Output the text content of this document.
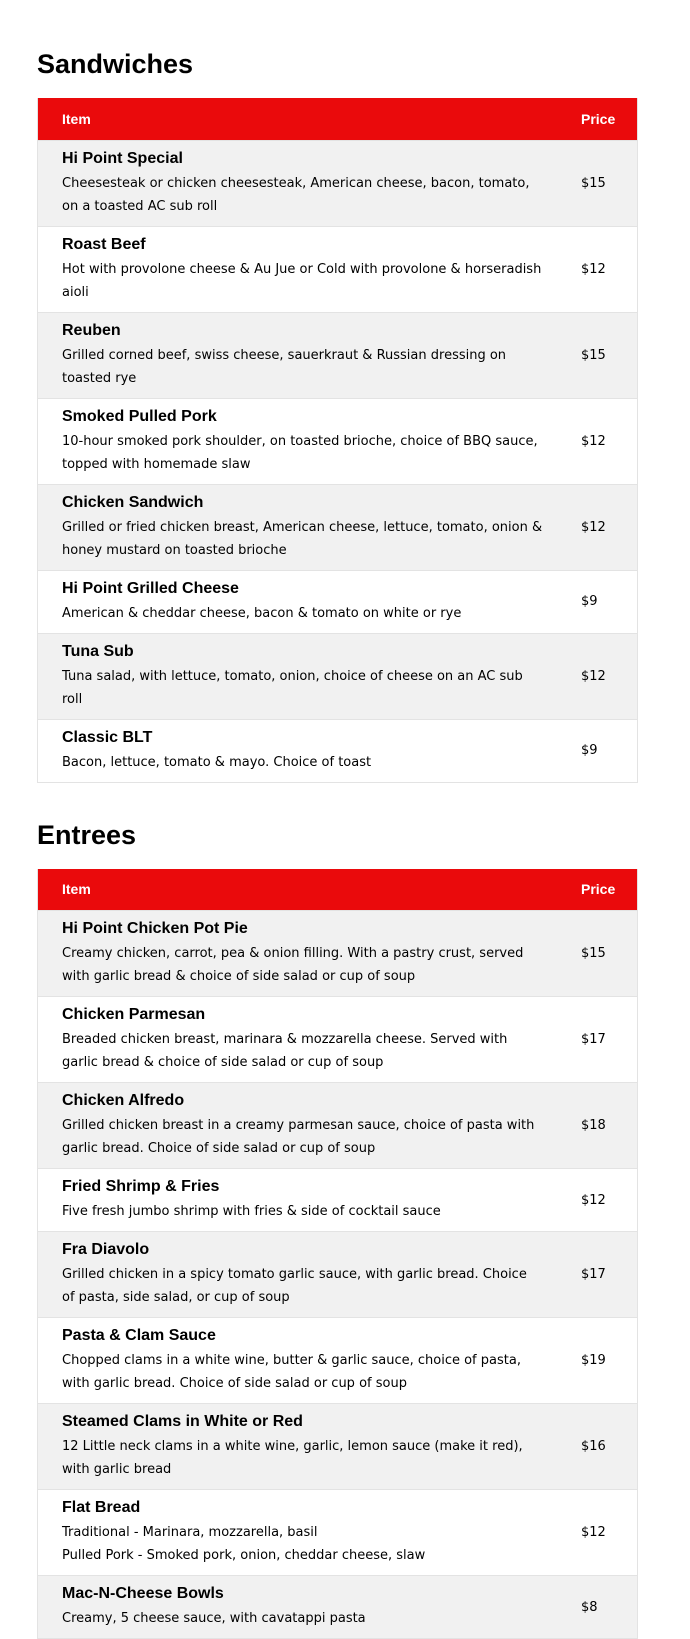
Sandwiches
Item	Price

Hi Point Special
Cheesesteak or chicken cheesesteak, American cheese, bacon, tomato, on a toasted AC sub roll	$15

Roast Beef
Hot with provolone cheese & Au Jue or Cold with provolone & horseradish aioli	$12

Reuben
Grilled corned beef, swiss cheese, sauerkraut & Russian dressing on toasted rye	$15

Smoked Pulled Pork
10-hour smoked pork shoulder, on toasted brioche, choice of BBQ sauce, topped with homemade slaw	$12

Chicken Sandwich
Grilled or fried chicken breast, American cheese, lettuce, tomato, onion & honey mustard on toasted brioche	$12

Hi Point Grilled Cheese
American & cheddar cheese, bacon & tomato on white or rye	$9

Tuna Sub
Tuna salad, with lettuce, tomato, onion, choice of cheese on an AC sub roll	$12

Classic BLT
Bacon, lettuce, tomato & mayo. Choice of toast	$9
Entrees
Item	Price

Hi Point Chicken Pot Pie
Creamy chicken, carrot, pea & onion filling. With a pastry crust, served with garlic bread & choice of side salad or cup of soup	$15

Chicken Parmesan
Breaded chicken breast, marinara & mozzarella cheese. Served with garlic bread & choice of side salad or cup of soup	$17

Chicken Alfredo
Grilled chicken breast in a creamy parmesan sauce, choice of pasta with garlic bread. Choice of side salad or cup of soup	$18

Fried Shrimp & Fries
Five fresh jumbo shrimp with fries & side of cocktail sauce	$12

Fra Diavolo
Grilled chicken in a spicy tomato garlic sauce, with garlic bread. Choice of pasta, side salad, or cup of soup	$17

Pasta & Clam Sauce
Chopped clams in a white wine, butter & garlic sauce, choice of pasta, with garlic bread. Choice of side salad or cup of soup	$19

Steamed Clams in White or Red
12 Little neck clams in a white wine, garlic, lemon sauce (make it red), with garlic bread	$16

Flat Bread
Traditional - Marinara, mozzarella, basil
Pulled Pork - Smoked pork, onion, cheddar cheese, slaw	$12

Mac-N-Cheese Bowls
Creamy, 5 cheese sauce, with cavatappi pasta	$8
